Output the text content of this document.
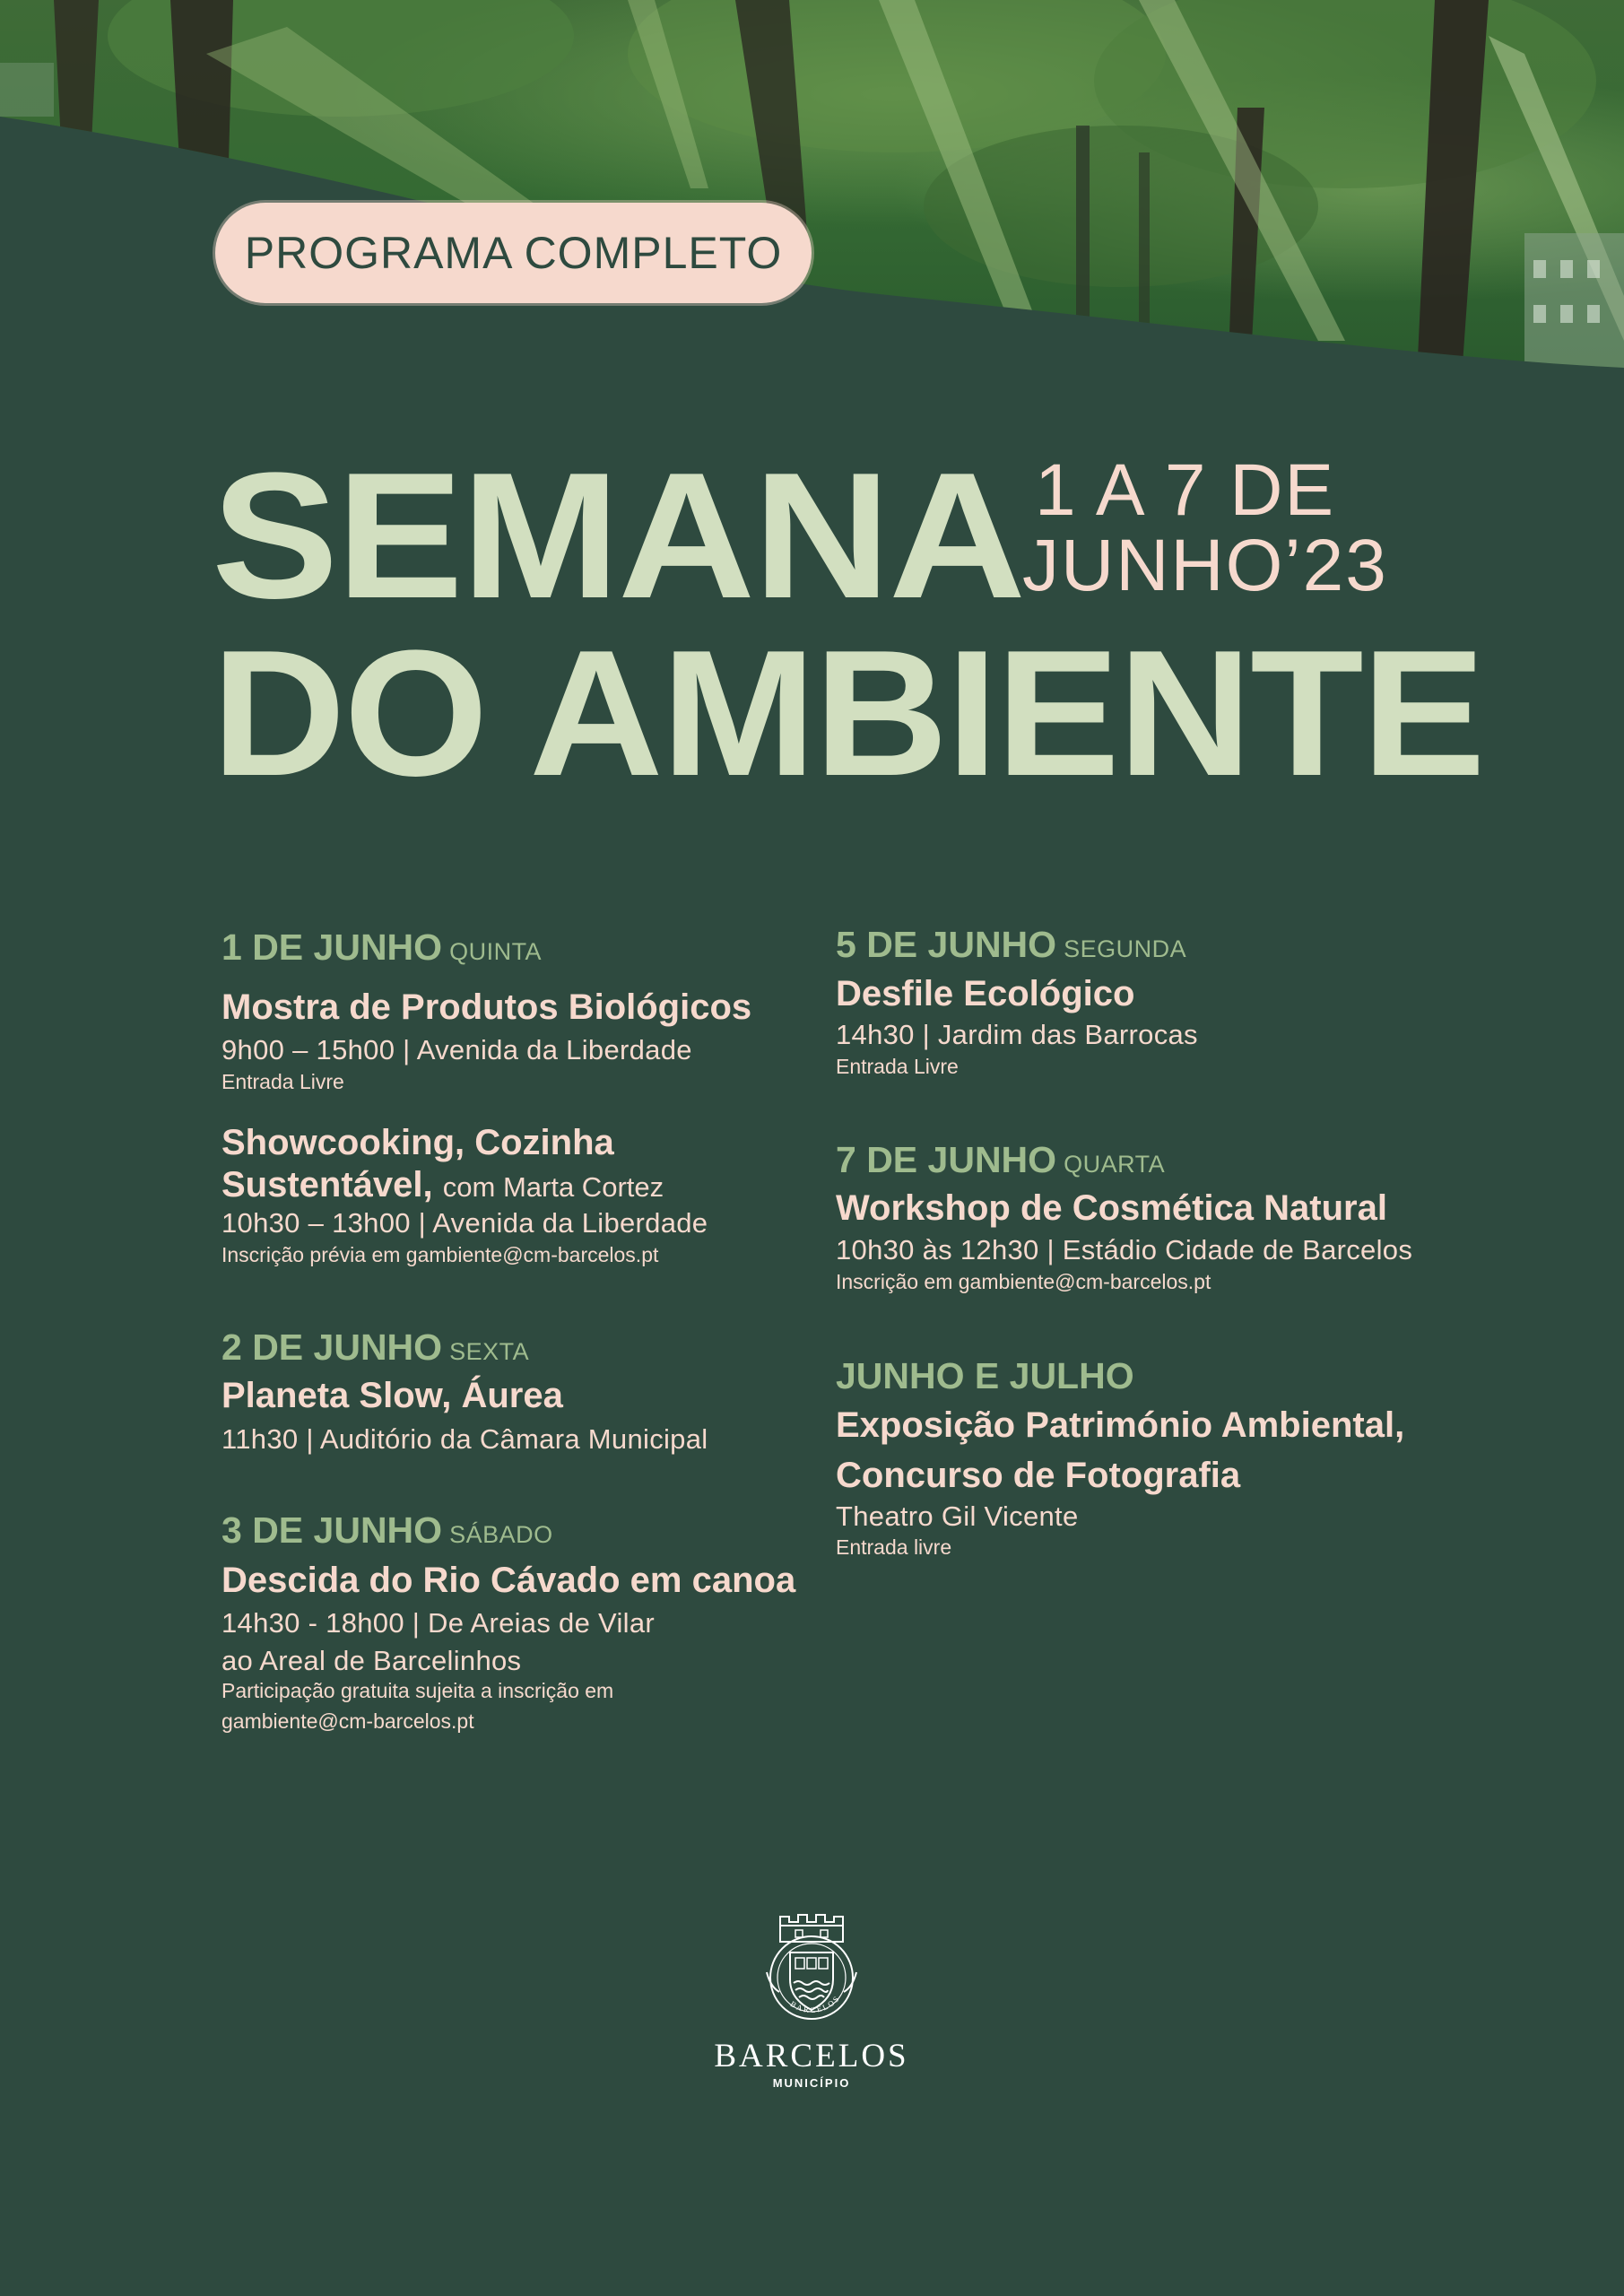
PROGRAMA COMPLETO
SEMANA
DO AMBIENTE
1 A 7 DE
JUNHO’23
1 DE JUNHO QUINTA
Mostra de Produtos Biológicos
9h00 – 15h00 | Avenida da Liberdade
Entrada Livre
Showcooking, Cozinha
Sustentável, com Marta Cortez
10h30 – 13h00 | Avenida da Liberdade
Inscrição prévia em gambiente@cm-barcelos.pt
2 DE JUNHO SEXTA
Planeta Slow, Áurea
11h30 | Auditório da Câmara Municipal
3 DE JUNHO SÁBADO
Descida do Rio Cávado em canoa
14h30 - 18h00 | De Areias de Vilar
ao Areal de Barcelinhos
Participação gratuita sujeita a inscrição em
gambiente@cm-barcelos.pt
5 DE JUNHO SEGUNDA
Desfile Ecológico
14h30 | Jardim das Barrocas
Entrada Livre
7 DE JUNHO QUARTA
Workshop de Cosmética Natural
10h30 às 12h30 | Estádio Cidade de Barcelos
Inscrição em gambiente@cm-barcelos.pt
JUNHO E JULHO
Exposição Património Ambiental,
Concurso de Fotografia
Theatro Gil Vicente
Entrada livre
BARCELOS
BARCELOS
MUNICÍPIO
